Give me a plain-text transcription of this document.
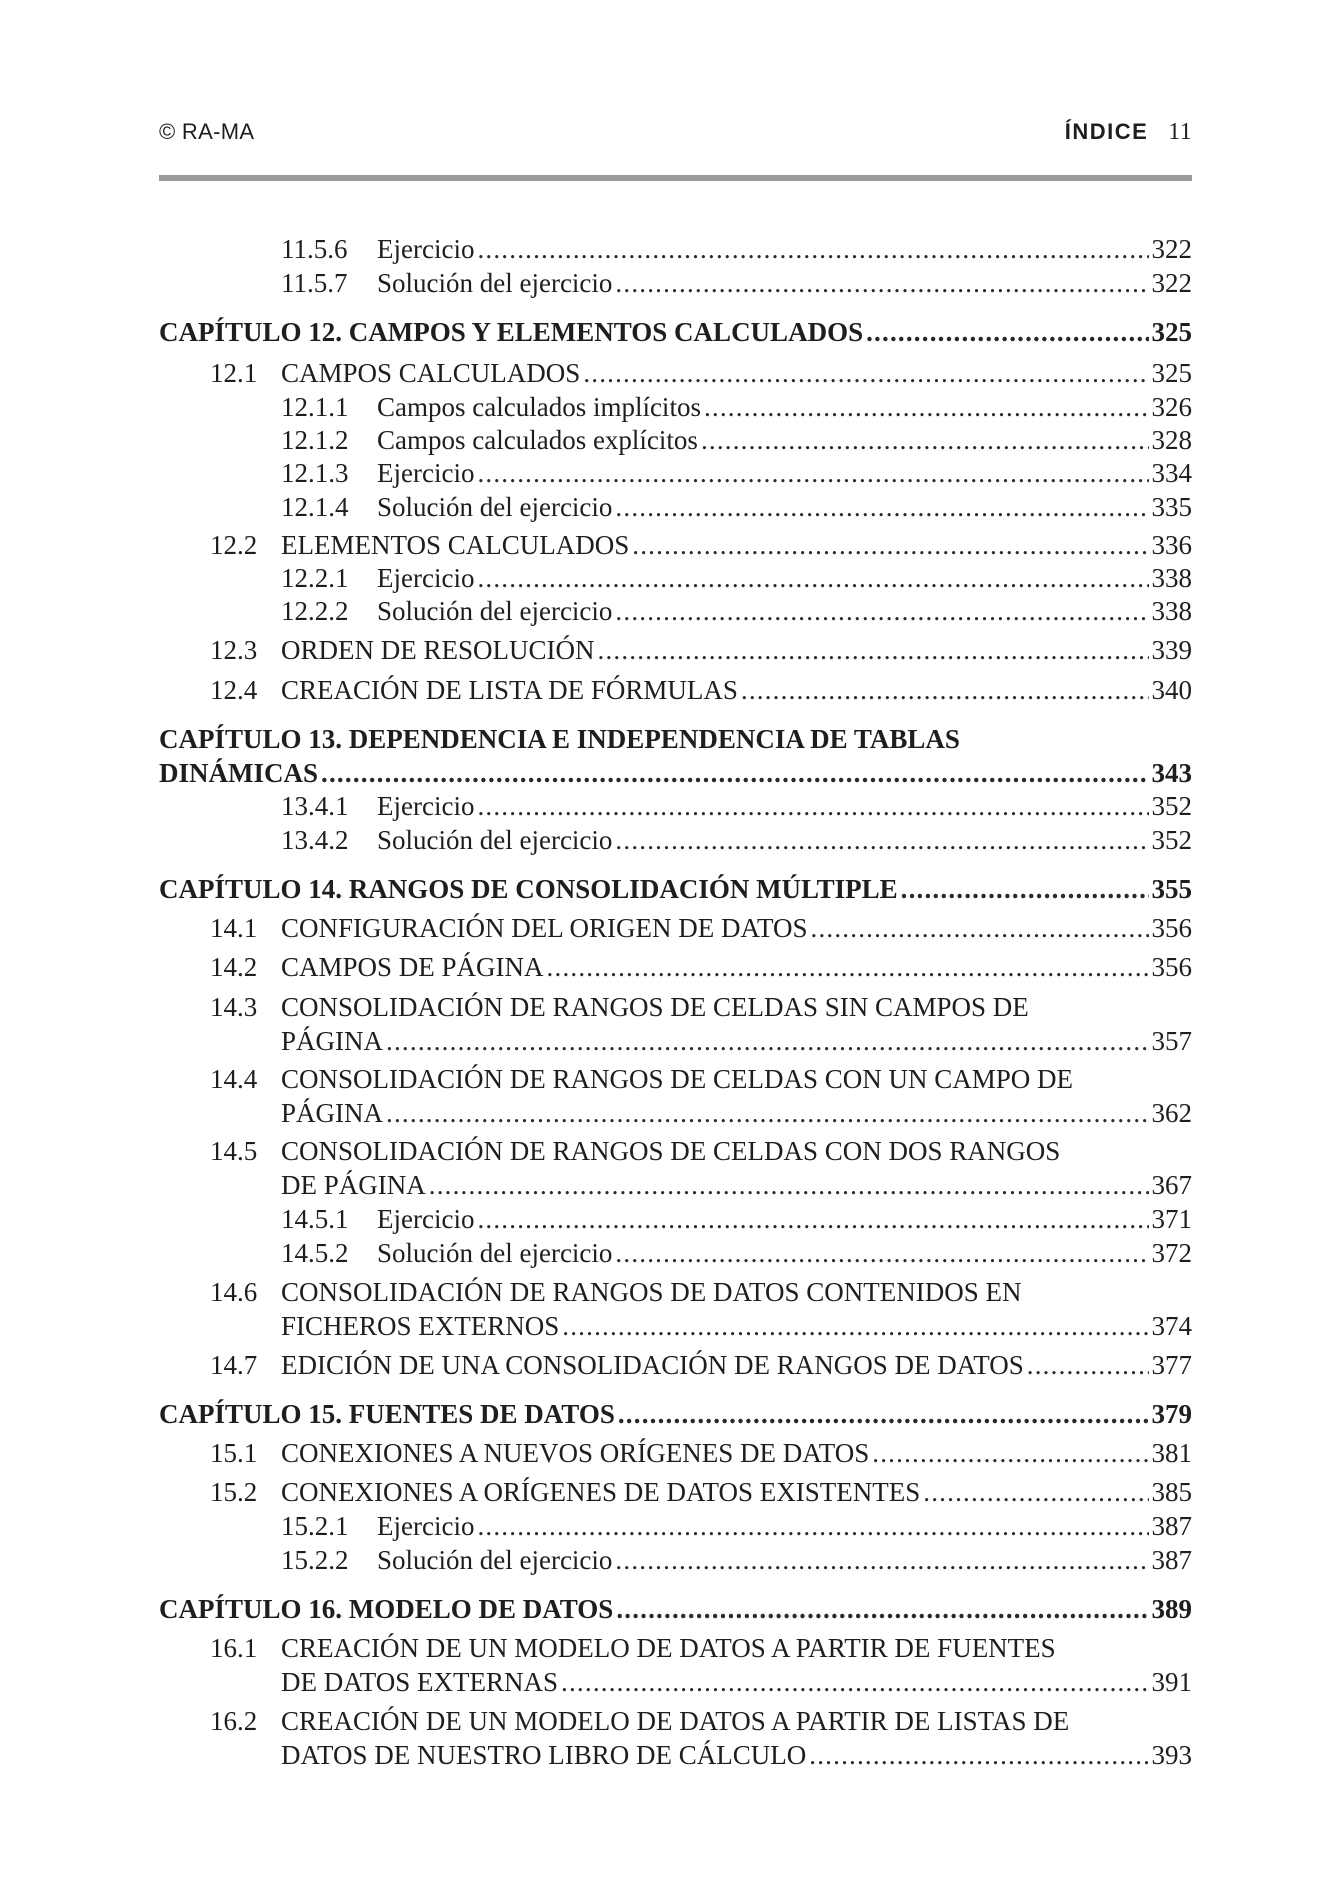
© RA-MA	ÍNDICE 11
11.5.6 Ejercicio .....	322
11.5.7 Solución del ejercicio .....	322
CAPÍTULO 12. CAMPOS Y ELEMENTOS CALCULADOS .....	325
12.1 CAMPOS CALCULADOS .....	325
12.1.1 Campos calculados implícitos .....	326
12.1.2 Campos calculados explícitos .....	328
12.1.3 Ejercicio .....	334
12.1.4 Solución del ejercicio .....	335
12.2 ELEMENTOS CALCULADOS .....	336
12.2.1 Ejercicio .....	338
12.2.2 Solución del ejercicio .....	338
12.3 ORDEN DE RESOLUCIÓN .....	339
12.4 CREACIÓN DE LISTA DE FÓRMULAS .....	340
CAPÍTULO 13. DEPENDENCIA E INDEPENDENCIA DE TABLAS
DINÁMICAS .....	343
13.4.1 Ejercicio .....	352
13.4.2 Solución del ejercicio .....	352
CAPÍTULO 14. RANGOS DE CONSOLIDACIÓN MÚLTIPLE .....	355
14.1 CONFIGURACIÓN DEL ORIGEN DE DATOS .....	356
14.2 CAMPOS DE PÁGINA .....	356
14.3 CONSOLIDACIÓN DE RANGOS DE CELDAS SIN CAMPOS DE
PÁGINA .....	357
14.4 CONSOLIDACIÓN DE RANGOS DE CELDAS CON UN CAMPO DE
PÁGINA .....	362
14.5 CONSOLIDACIÓN DE RANGOS DE CELDAS CON DOS RANGOS
DE PÁGINA .....	367
14.5.1 Ejercicio .....	371
14.5.2 Solución del ejercicio .....	372
14.6 CONSOLIDACIÓN DE RANGOS DE DATOS CONTENIDOS EN
FICHEROS EXTERNOS .....	374
14.7 EDICIÓN DE UNA CONSOLIDACIÓN DE RANGOS DE DATOS .....	377
CAPÍTULO 15. FUENTES DE DATOS .....	379
15.1 CONEXIONES A NUEVOS ORÍGENES DE DATOS .....	381
15.2 CONEXIONES A ORÍGENES DE DATOS EXISTENTES .....	385
15.2.1 Ejercicio .....	387
15.2.2 Solución del ejercicio .....	387
CAPÍTULO 16. MODELO DE DATOS .....	389
16.1 CREACIÓN DE UN MODELO DE DATOS A PARTIR DE FUENTES
DE DATOS EXTERNAS .....	391
16.2 CREACIÓN DE UN MODELO DE DATOS A PARTIR DE LISTAS DE
DATOS DE NUESTRO LIBRO DE CÁLCULO .....	393
